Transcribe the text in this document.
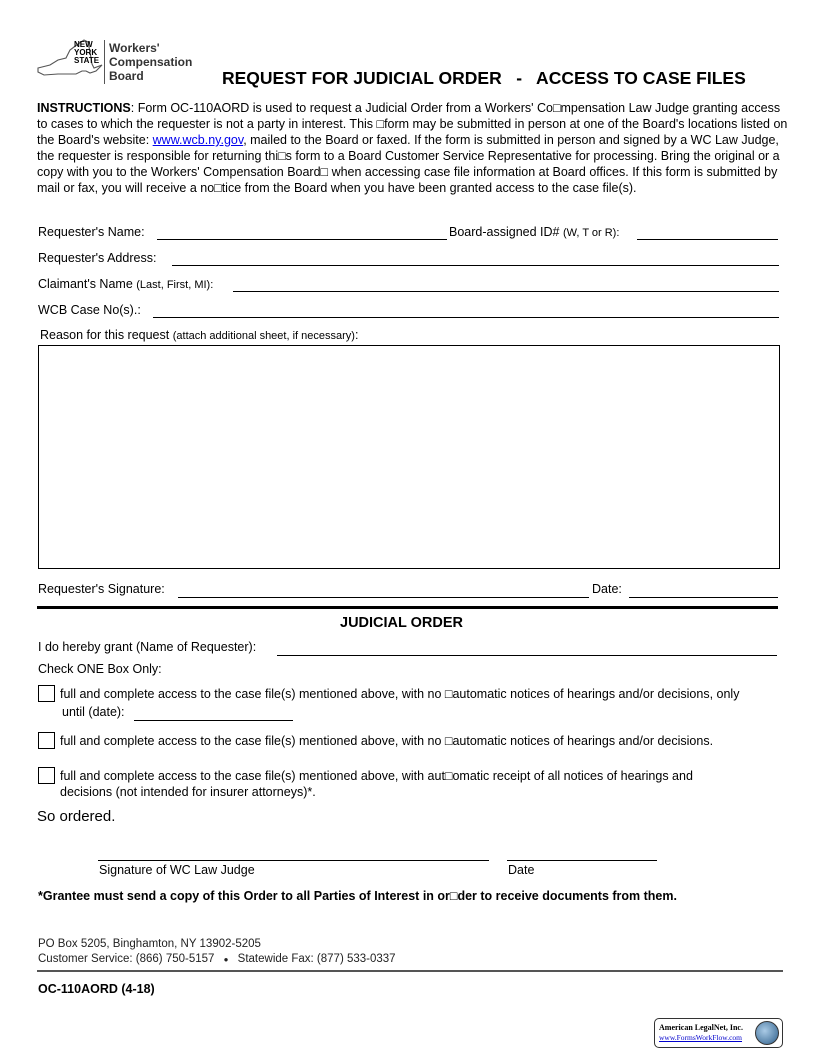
NEW
YORK
STATE
Workers'
Compensation
Board	REQUEST FOR JUDICIAL ORDER   -   ACCESS TO CASE FILES
INSTRUCTIONS: Form OC-110AORD is used to request a Judicial Order from a Workers' Co□mpensation Law Judge granting access to cases to which the requester is not a party in interest. This □form may be submitted in person at one of the Board's locations listed on the Board's website: www.wcb.ny.gov, mailed to the Board or faxed. If the form is submitted in person and signed by a WC Law Judge, the requester is responsible for returning thi□s form to a Board Customer Service Representative for processing. Bring the original or a copy with you to the Workers' Compensation Board□ when accessing case file information at Board offices. If this form is submitted by mail or fax, you will receive a no□tice from the Board when you have been granted access to the case file(s).
Requester's Name:	Board-assigned ID# (W, T or R):
Requester's Address:
Claimant's Name (Last, First, MI):
WCB Case No(s).:
Reason for this request (attach additional sheet, if necessary):
Requester's Signature:	Date:
JUDICIAL ORDER
I do hereby grant (Name of Requester):
Check ONE Box Only:
full and complete access to the case file(s) mentioned above, with no □automatic notices of hearings and/or decisions, only
until (date):
full and complete access to the case file(s) mentioned above, with no □automatic notices of hearings and/or decisions.
full and complete access to the case file(s) mentioned above, with aut□omatic receipt of all notices of hearings and
decisions (not intended for insurer attorneys)*.
So ordered.
Signature of WC Law Judge	Date
*Grantee must send a copy of this Order to all Parties of Interest in or□der to receive documents from them.
PO Box 5205, Binghamton, NY 13902-5205
Customer Service: (866) 750-5157 ● Statewide Fax: (877) 533-0337
OC-110AORD (4-18)
American LegalNet, Inc.
www.FormsWorkFlow.com
